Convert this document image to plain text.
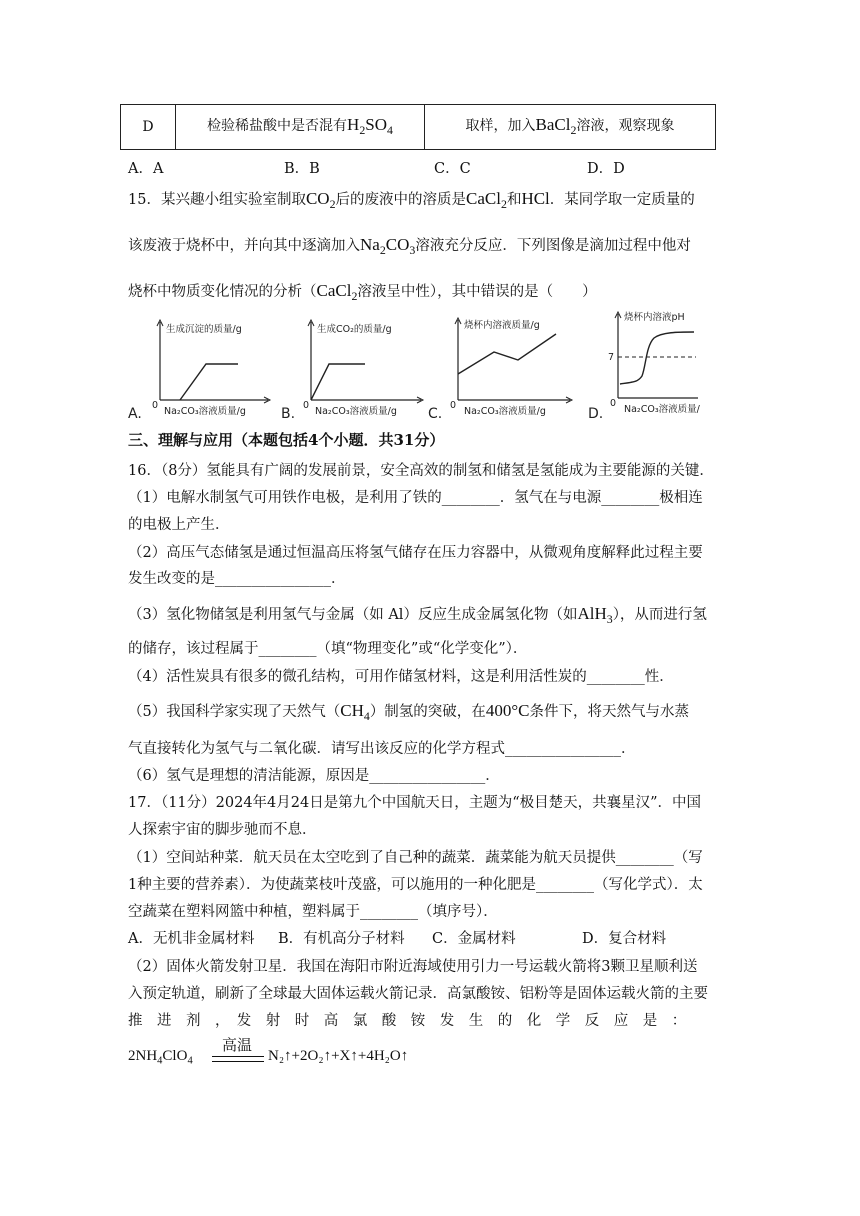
D	检验稀盐酸中是否混有$H_2SO_4$	取样，加入BaCl$_2$溶液，观察现象
A．A	B．B	C．C	D．D
15．某兴趣小组实验室制取$CO_2$后的废液中的溶质是CaCl$_2$和HCl．某同学取一定质量的
该废液于烧杯中，并向其中逐滴加入$Na_2CO_3$溶液充分反应．下列图像是滴加过程中他对
烧杯中物质变化情况的分析（CaCl$_2$溶液呈中性），其中错误的是（　　）
A.
生成沉淀的质量/g
0
Na₂CO₃溶液质量/g	B.
生成CO₂的质量/g
0
Na₂CO₃溶液质量/g C.
烧杯内溶液质量/g
0
Na₂CO₃溶液质量/g	D.
烧杯内溶液pH
7
0
Na₂CO₃溶液质量/g
三、理解与应用（本题包括4个小题．共31分）
16．（8分）氢能具有广阔的发展前景，安全高效的制氢和储氢是氢能成为主要能源的关键．
（1）电解水制氢气可用铁作电极，是利用了铁的________．氢气在与电源________极相连
的电极上产生．
（2）高压气态储氢是通过恒温高压将氢气储存在压力容器中，从微观角度解释此过程主要
发生改变的是________________．
（3）氢化物储氢是利用氢气与金属（如 Al）反应生成金属氢化物（如AlH$_3$），从而进行氢
的储存，该过程属于________（填“物理变化”或“化学变化”）．
（4）活性炭具有很多的微孔结构，可用作储氢材料，这是利用活性炭的________性．
（5）我国科学家实现了天然气$(CH_4)$制氢的突破，在400°C条件下，将天然气与水蒸
气直接转化为氢气与二氧化碳．请写出该反应的化学方程式________________．
（6）氢气是理想的清洁能源，原因是________________．
17．（11分）2024年4月24日是第九个中国航天日，主题为“极目楚天，共襄星汉”．中国
人探索宇宙的脚步驰而不息．
（1）空间站种菜．航天员在太空吃到了自己种的蔬菜．蔬菜能为航天员提供________（写
1种主要的营养素）．为使蔬菜枝叶茂盛，可以施用的一种化肥是________（写化学式）．太
空蔬菜在塑料网篮中种植，塑料属于________（填序号）．
A．无机非金属材料 B．有机高分子材料 C．金属材料	D．复合材料
（2）固体火箭发射卫星．我国在海阳市附近海域使用引力一号运载火箭将3颗卫星顺利送
入预定轨道，刷新了全球最大固体运载火箭记录．高氯酸铵、铝粉等是固体运载火箭的主要
推　进　剂　，　发　射　时　高　氯　酸　铵　发　生　的　化　学　反　应　是　：
$2NH_4ClO_4$
高温
N₂↑+2O₂↑+X↑+4H₂O↑
